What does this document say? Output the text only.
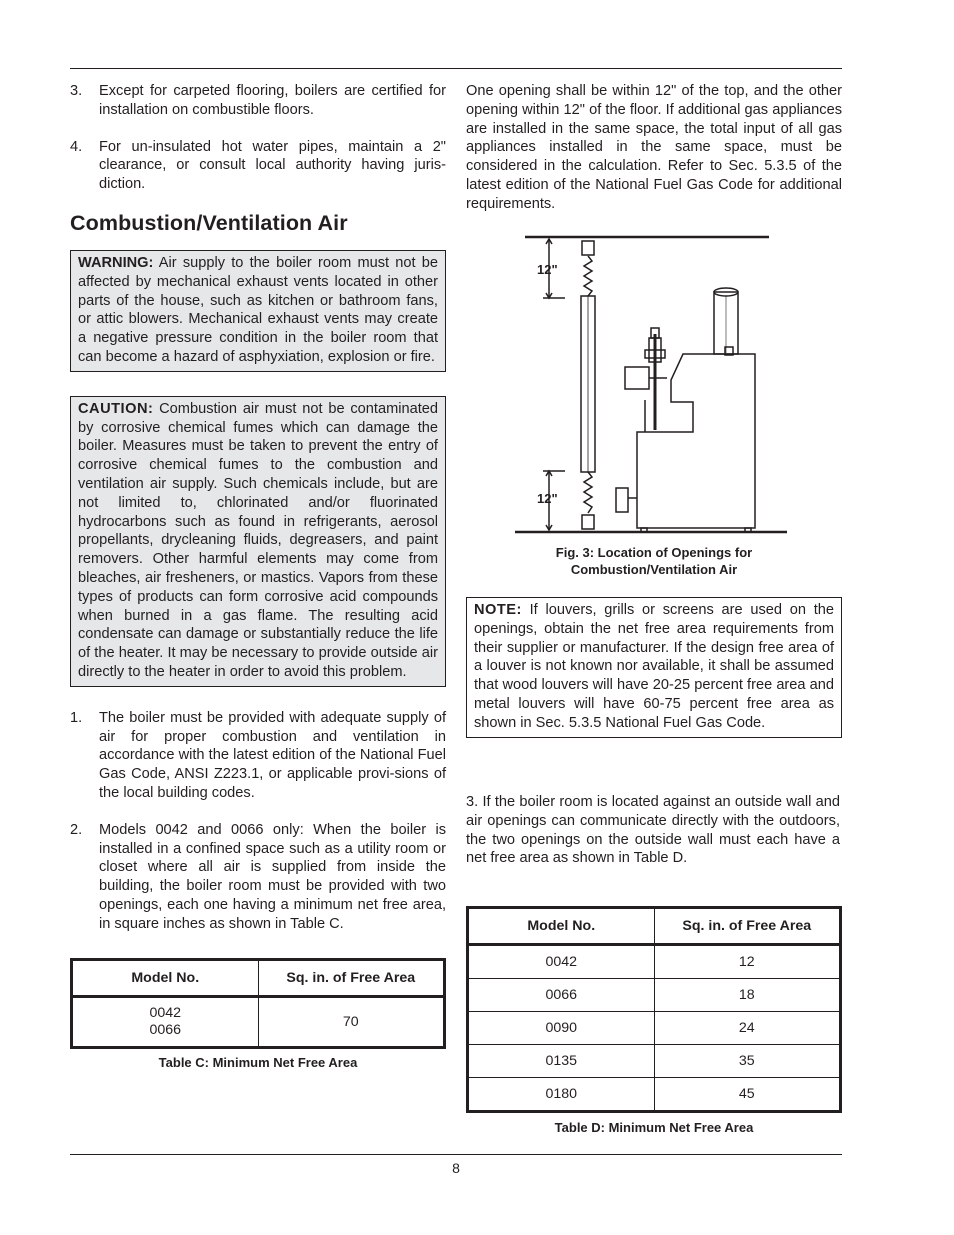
3. Except for carpeted flooring, boilers are certified for installation on combustible floors.
4. For un-insulated hot water pipes, maintain a 2" clearance, or consult local authority having juris-diction.
Combustion/Ventilation Air
WARNING: Air supply to the boiler room must not be affected by mechanical exhaust vents located in other parts of the house, such as kitchen or bathroom fans, or attic blowers. Mechanical exhaust vents may create a negative pressure condition in the boiler room that can become a hazard of asphyxiation, explosion or fire.
CAUTION: Combustion air must not be contaminated by corrosive chemical fumes which can damage the boiler. Measures must be taken to prevent the entry of corrosive chemical fumes to the combustion and ventilation air supply. Such chemicals include, but are not limited to, chlorinated and/or fluorinated hydrocarbons such as found in refrigerants, aerosol propellants, drycleaning fluids, degreasers, and paint removers. Other harmful elements may come from bleaches, air fresheners, or mastics. Vapors from these types of products can form corrosive acid compounds when burned in a gas flame. The resulting acid condensate can damage or substantially reduce the life of the heater. It may be necessary to provide outside air directly to the heater in order to avoid this problem.
1. The boiler must be provided with adequate supply of air for proper combustion and ventilation in accordance with the latest edition of the National Fuel Gas Code, ANSI Z223.1, or applicable provi-sions of the local building codes.
2. Models 0042 and 0066 only: When the boiler is installed in a confined space such as a utility room or closet where all air is supplied from inside the building, the boiler room must be provided with two openings, each one having a minimum net free area, in square inches as shown in Table C.
Model No.	Sq. in. of Free Area
0042
0066	70
Table C: Minimum Net Free Area

One opening shall be within 12" of the top, and the other opening within 12" of the floor. If additional gas appliances are installed in the same space, the total input of all gas appliances installed in the same space, must be considered in the calculation. Refer to Sec. 5.3.5 of the latest edition of the National Fuel Gas Code for additional requirements.

12"
12"
Fig. 3: Location of Openings for
Combustion/Ventilation Air
NOTE: If louvers, grills or screens are used on the openings, obtain the net free area requirements from their supplier or manufacturer. If the design free area of a louver is not known nor available, it shall be assumed that wood louvers will have 20-25 percent free area and metal louvers will have 60-75 percent free area as shown in Sec. 5.3.5 National Fuel Gas Code.

3. If the boiler room is located against an outside wall and air openings can communicate directly with the outdoors, the two openings on the outside wall must each have a net free area as shown in Table D.

Model No.	Sq. in. of Free Area
0042	12
0066	18
0090	24
0135	35
0180	45
Table D: Minimum Net Free Area
8
